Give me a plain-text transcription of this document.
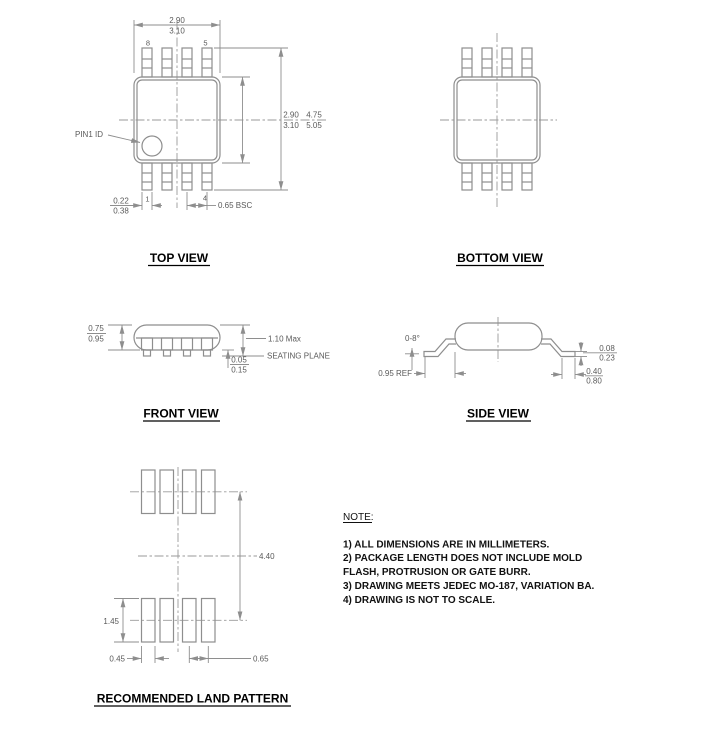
8	5
1	4
PIN1 ID
2.90
3.10
2.90
3.10
4.75
5.05
0.22
0.38
0.65 BSC
TOP VIEW	BOTTOM VIEW
0.75
0.95	1.10 Max
SEATING PLANE
0.05
0.15
FRONT VIEW
0-8°
0.95 REF
0.08
0.23
0.40
0.80
SIDE VIEW
4.40
1.45
0.45	0.65
RECOMMENDED LAND PATTERN
NOTE:
1) ALL DIMENSIONS ARE IN MILLIMETERS.
2) PACKAGE LENGTH DOES NOT INCLUDE MOLD
FLASH, PROTRUSION OR GATE BURR.
3) DRAWING MEETS JEDEC MO-187, VARIATION BA.
4) DRAWING IS NOT TO SCALE.
